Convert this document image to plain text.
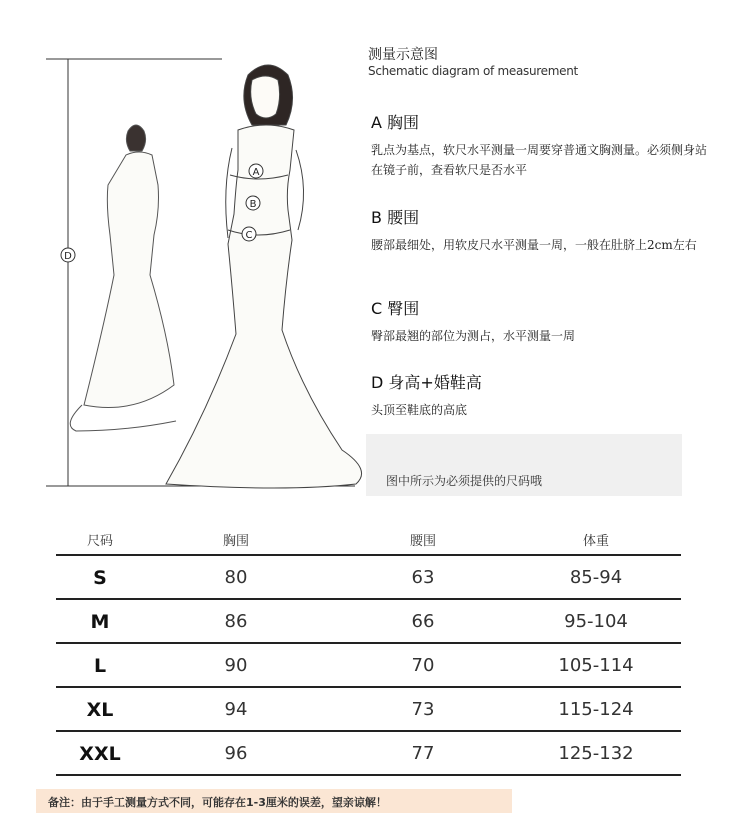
A
B
C
D
测量示意图
Schematic diagram of measurement
A 胸围
乳点为基点，软尺水平测量一周要穿普通文胸测量。必须侧身站在镜子前，查看软尺是否水平
B 腰围
腰部最细处，用软皮尺水平测量一周，一般在肚脐上2cm左右
C 臀围
臀部最翘的部位为测占，水平测量一周
D 身高+婚鞋高
头顶至鞋底的高底
图中所示为必须提供的尺码哦
尺码	胸围	腰围	体重
S	80	63	85-94
M	86	66	95-104
L	90	70	105-114
XL	94	73	115-124
XXL	96	77	125-132
备注：由于手工测量方式不同，可能存在1-3厘米的误差，望亲谅解！
